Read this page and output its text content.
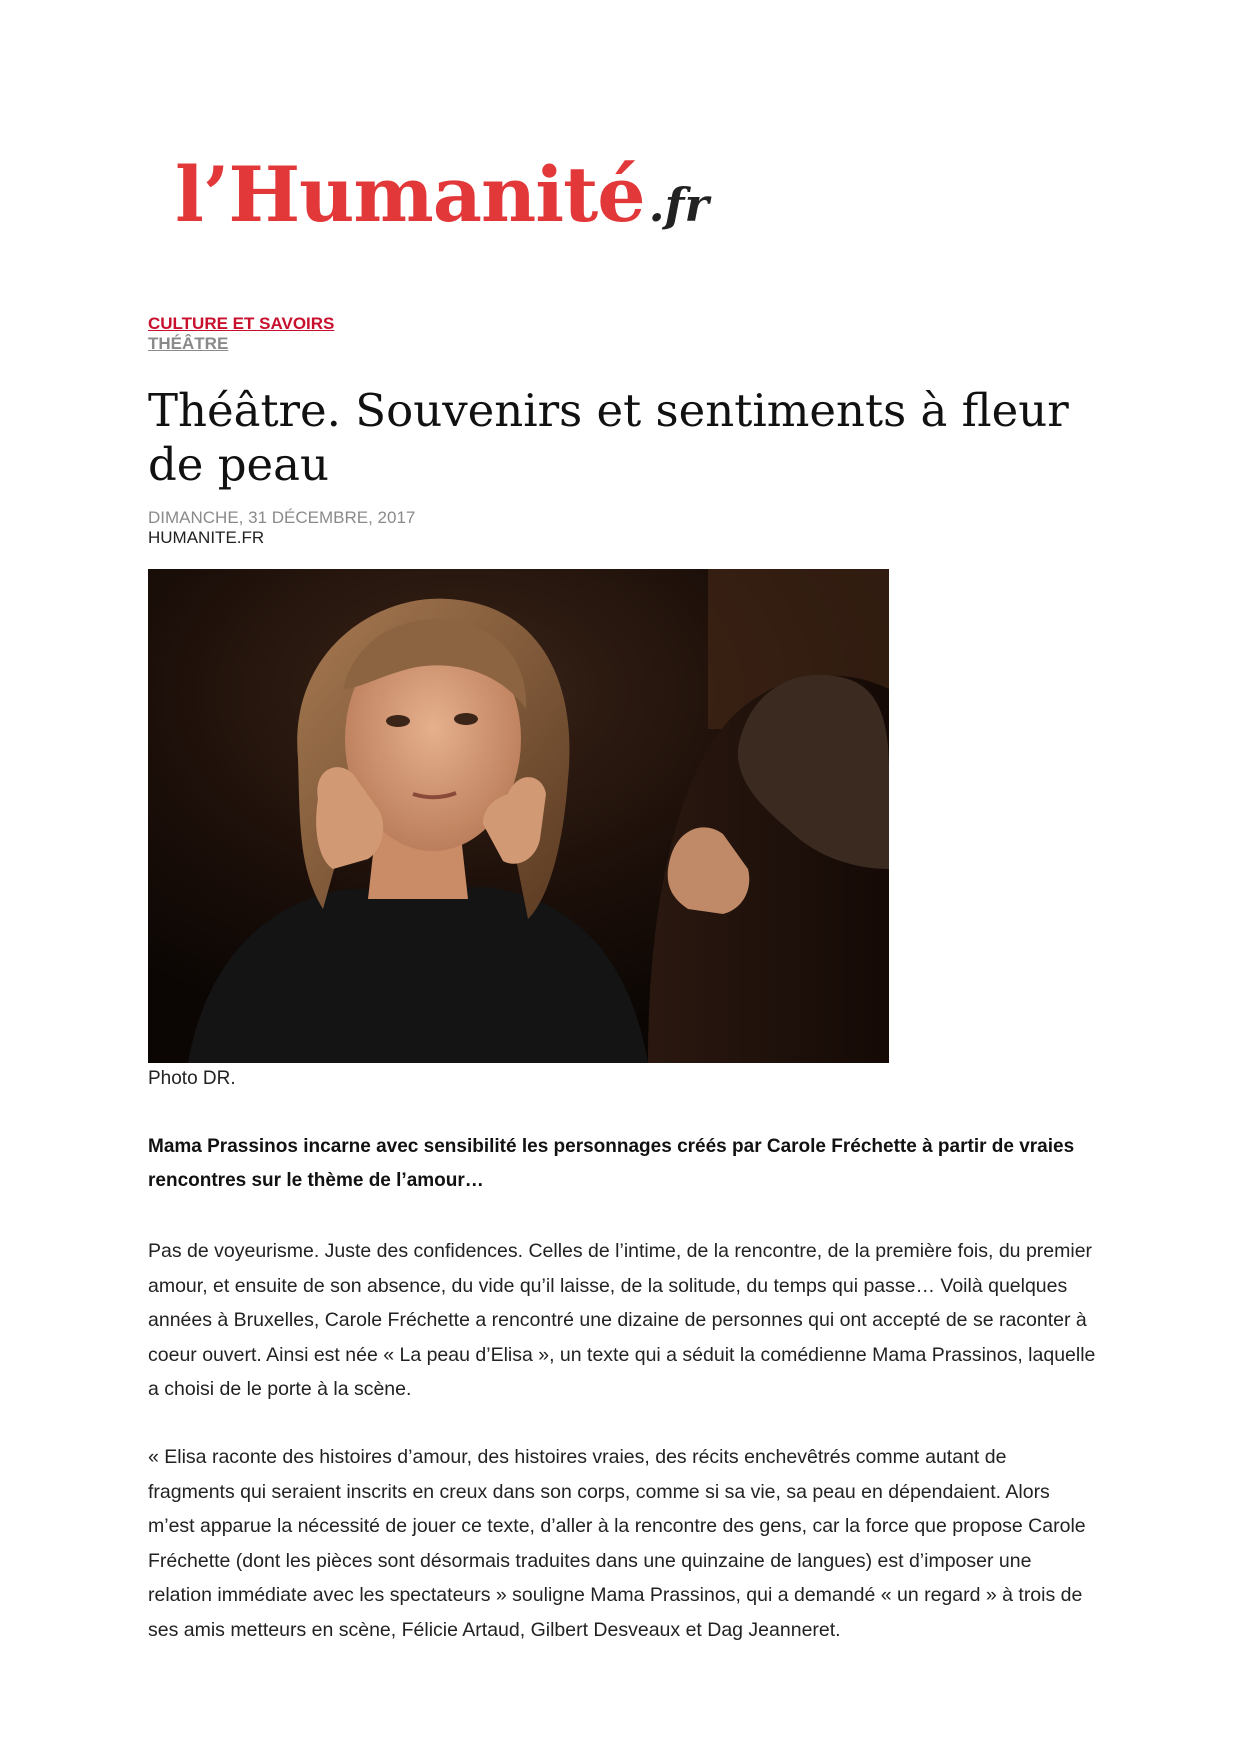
l’Humanité.fr
CULTURE ET SAVOIRS
THÉÂTRE
Théâtre. Souvenirs et sentiments à fleur de peau
DIMANCHE, 31 DÉCEMBRE, 2017
HUMANITE.FR
Photo DR.

Mama Prassinos incarne avec sensibilité les personnages créés par Carole Fréchette à partir de vraies rencontres sur le thème de l’amour…

Pas de voyeurisme. Juste des confidences. Celles de l’intime, de la rencontre, de la première fois, du premier amour, et ensuite de son absence, du vide qu’il laisse, de la solitude, du temps qui passe… Voilà quelques années à Bruxelles, Carole Fréchette a rencontré une dizaine de personnes qui ont accepté de se raconter à coeur ouvert. Ainsi est née « La peau d’Elisa », un texte qui a séduit la comédienne Mama Prassinos, laquelle a choisi de le porte à la scène.

« Elisa raconte des histoires d’amour, des histoires vraies, des récits enchevêtrés comme autant de fragments qui seraient inscrits en creux dans son corps, comme si sa vie, sa peau en dépendaient. Alors m’est apparue la nécessité de jouer ce texte, d’aller à la rencontre des gens, car la force que propose Carole Fréchette (dont les pièces sont désormais traduites dans une quinzaine de langues) est d’imposer une relation immédiate avec les spectateurs » souligne Mama Prassinos, qui a demandé « un regard » à trois de ses amis metteurs en scène, Félicie Artaud, Gilbert Desveaux et Dag Jeanneret.
